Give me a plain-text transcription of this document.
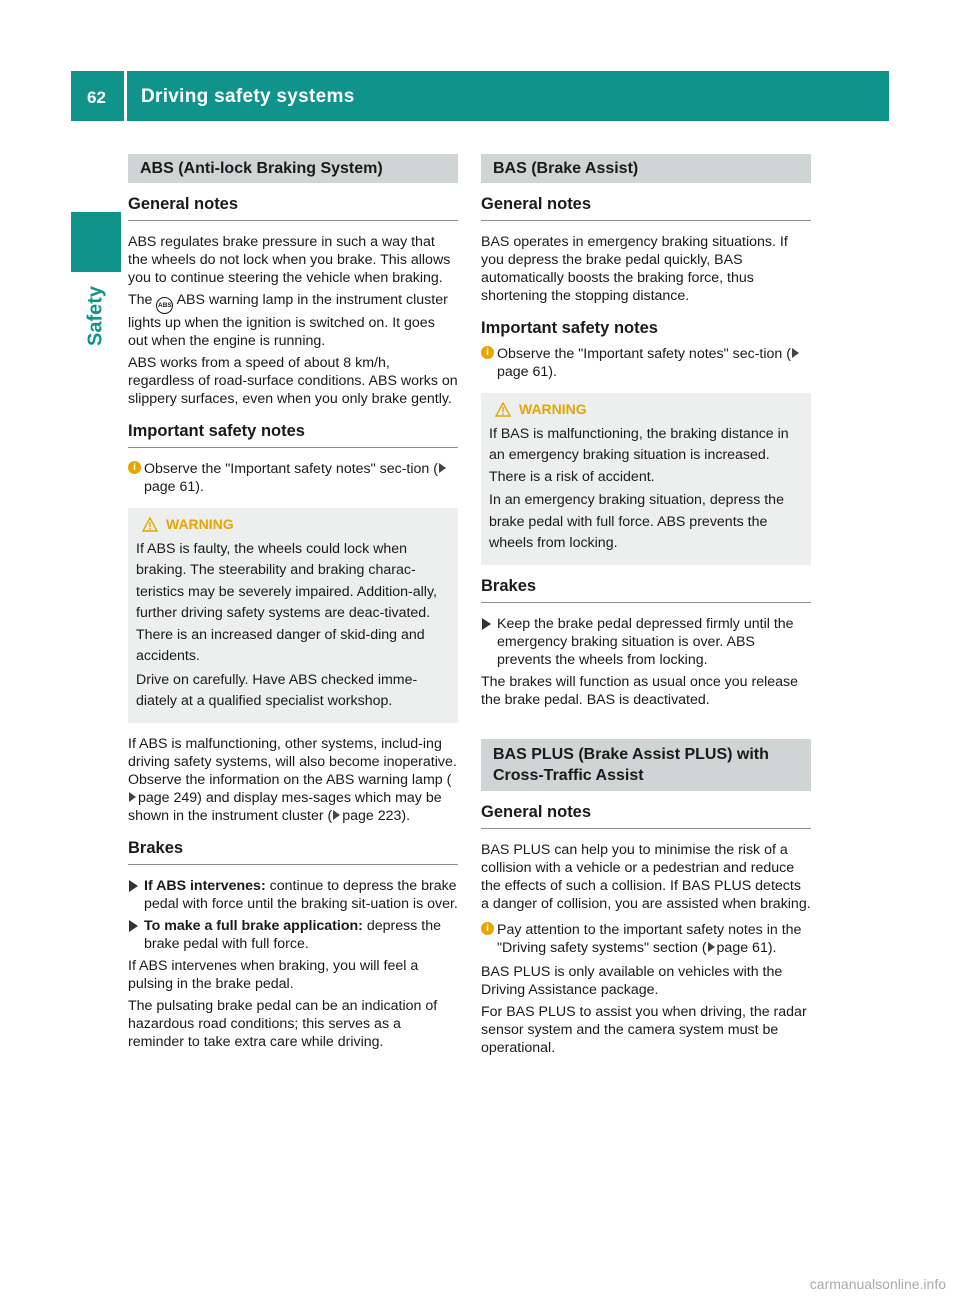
62 Driving safety systems
Safety
ABS (Anti-lock Braking System)
General notes

ABS regulates brake pressure in such a way that the wheels do not lock when you brake. This allows you to continue steering the vehicle when braking.

The ABS ABS warning lamp in the instrument cluster lights up when the ignition is switched on. It goes out when the engine is running.

ABS works from a speed of about 8 km/h, regardless of road-surface conditions. ABS works on slippery surfaces, even when you only brake gently.

Important safety notes
i Observe the "Important safety notes" sec-tion (page 61).
WARNING

If ABS is faulty, the wheels could lock when braking. The steerability and braking charac-teristics may be severely impaired. Addition-ally, further driving safety systems are deac-tivated. There is an increased danger of skid-ding and accidents.

Drive on carefully. Have ABS checked imme-diately at a qualified specialist workshop.

If ABS is malfunctioning, other systems, includ-ing driving safety systems, will also become inoperative. Observe the information on the ABS warning lamp (page 249) and display mes-sages which may be shown in the instrument cluster ( page 223).

Brakes
If ABS intervenes: continue to depress the brake pedal with force until the braking sit-uation is over.
To make a full brake application: depress the brake pedal with full force.

If ABS intervenes when braking, you will feel a pulsing in the brake pedal.

The pulsating brake pedal can be an indication of hazardous road conditions; this serves as a reminder to take extra care while driving.

BAS (Brake Assist)
General notes

BAS operates in emergency braking situations. If you depress the brake pedal quickly, BAS automatically boosts the braking force, thus shortening the stopping distance.

Important safety notes
i Observe the "Important safety notes" sec-tion (page 61).
WARNING

If BAS is malfunctioning, the braking distance in an emergency braking situation is increased. There is a risk of accident.

In an emergency braking situation, depress the brake pedal with full force. ABS prevents the wheels from locking.

Brakes
Keep the brake pedal depressed firmly until the emergency braking situation is over. ABS prevents the wheels from locking.

The brakes will function as usual once you release the brake pedal. BAS is deactivated.

BAS PLUS (Brake Assist PLUS) with Cross-Traffic Assist
General notes

BAS PLUS can help you to minimise the risk of a collision with a vehicle or a pedestrian and reduce the effects of such a collision. If BAS PLUS detects a danger of collision, you are assisted when braking.

i Pay attention to the important safety notes in the "Driving safety systems" section ( page 61).

BAS PLUS is only available on vehicles with the Driving Assistance package.

For BAS PLUS to assist you when driving, the radar sensor system and the camera system must be operational.

carmanualsonline.info
